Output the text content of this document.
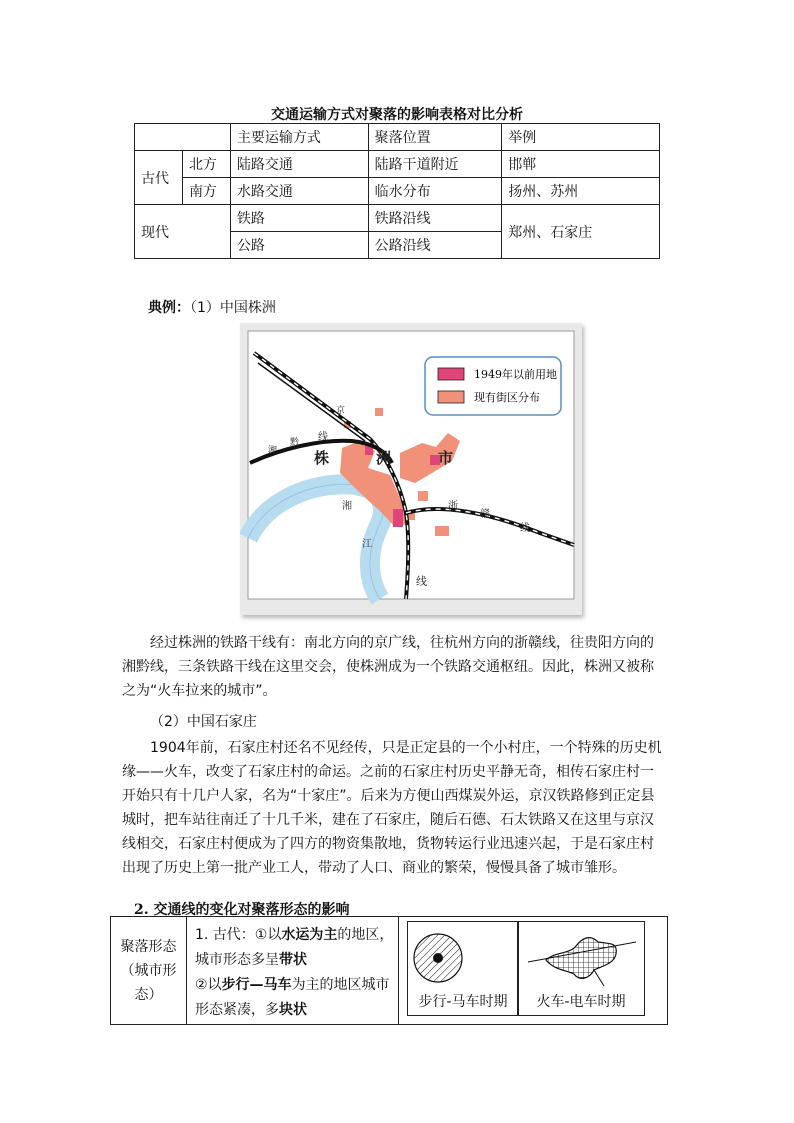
交通运输方式对聚落的影响表格对比分析
		主要运输方式	聚落位置	举例
古代	北方	陆路交通	陆路干道附近	邯郸
	南方	水路交通	临水分布	扬州、苏州
现代		铁路	铁路沿线	郑州、石家庄
		公路	公路沿线	
典例：（1）中国株洲
1949年以前用地
现有街区分布
株	洲	市
京
线
湘
黔 线
浙
赣
线
湘
江
经过株洲的铁路干线有：南北方向的京广线，往杭州方向的浙赣线，往贵阳方向的湘黔线，三条铁路干线在这里交会，使株洲成为一个铁路交通枢纽。因此，株洲又被称之为“火车拉来的城市”。
（2）中国石家庄
1904年前，石家庄村还名不见经传，只是正定县的一个小村庄，一个特殊的历史机缘——火车，改变了石家庄村的命运。之前的石家庄村历史平静无奇，相传石家庄村一开始只有十几户人家，名为“十家庄”。后来为方便山西煤炭外运，京汉铁路修到正定县城时，把车站往南迁了十几千米，建在了石家庄，随后石德、石太铁路又在这里与京汉线相交，石家庄村便成为了四方的物资集散地，货物转运行业迅速兴起，于是石家庄村出现了历史上第一批产业工人，带动了人口、商业的繁荣，慢慢具备了城市雏形。
2. 交通线的变化对聚落形态的影响
聚落形态（城市形态）
1. 古代：①以水运为主的地区，城市形态多呈带状
②以步行—马车为主的地区城市形态紧凑，多块状	步行-马车时期	火车-电车时期
